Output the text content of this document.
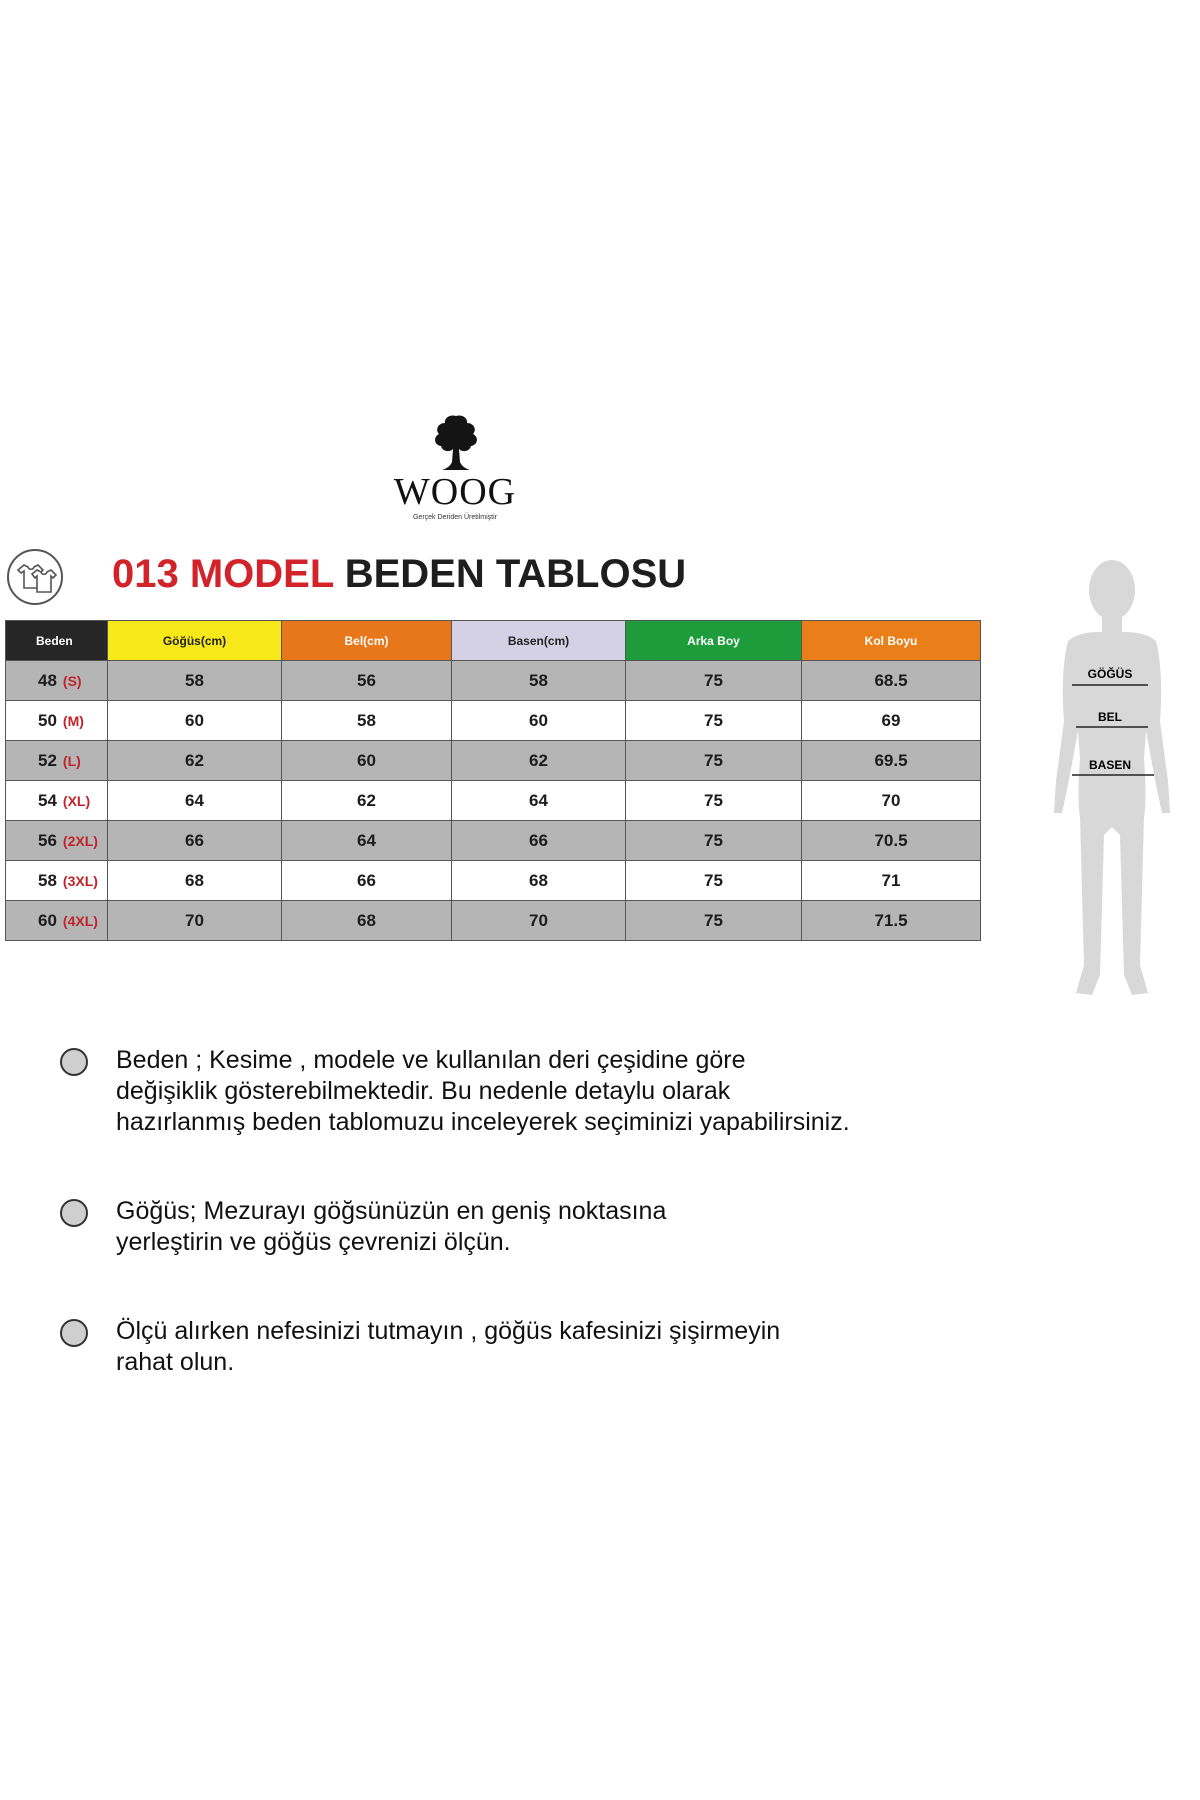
WOOG
Gerçek Deriden Üretilmiştir
013 MODEL BEDEN TABLOSU
Beden	Göğüs(cm)	Bel(cm)	Basen(cm)	Arka Boy	Kol Boyu
48 (S)	58	56	58	75	68.5
50 (M)	60	58	60	75	69
52 (L)	62	60	62	75	69.5
54 (XL)	64	62	64	75	70
56 (2XL)	66	64	66	75	70.5
58 (3XL)	68	66	68	75	71
60 (4XL)	70	68	70	75	71.5
GÖĞÜS
BEL
BASEN
Beden ; Kesime , modele ve kullanılan deri çeşidine göre
değişiklik gösterebilmektedir. Bu nedenle detaylu olarak
hazırlanmış beden tablomuzu inceleyerek seçiminizi yapabilirsiniz.
Göğüs; Mezurayı göğsünüzün en geniş noktasına
yerleştirin ve göğüs çevrenizi ölçün.
Ölçü alırken nefesinizi tutmayın , göğüs kafesinizi şişirmeyin
rahat olun.
